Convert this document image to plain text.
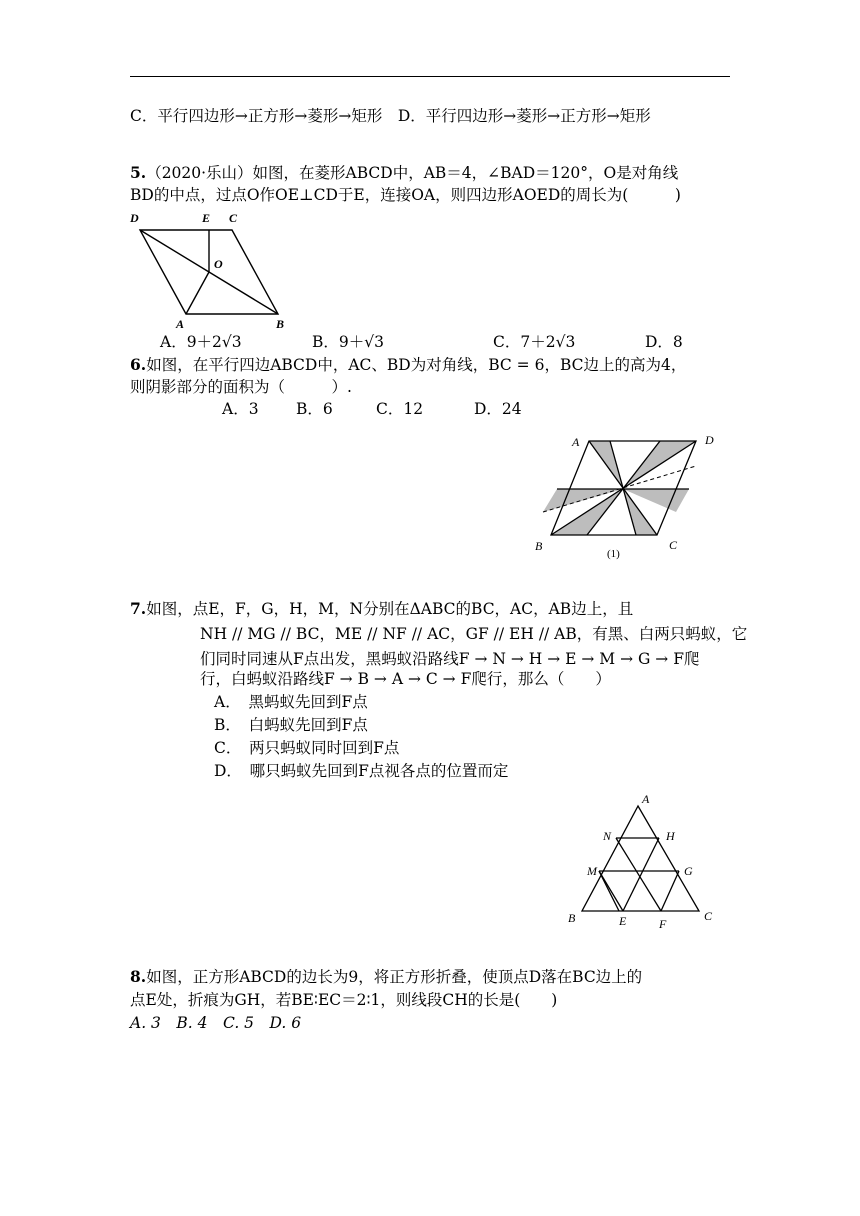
C．平行四边形→正方形→菱形→矩形　D．平行四边形→菱形→正方形→矩形
5.（2020·乐山）如图，在菱形ABCD中，AB＝4，∠BAD＝120°，O是对角线
BD的中点，过点O作OE⊥CD于E，连接OA，则四边形AOED的周长为(　　　)
D	E C
O
A	B
A．9＋2√3	B．9＋√3	C．7＋2√3	D．8
6.如图，在平行四边ABCD中，AC、BD为对角线，BC = 6，BC边上的高为4，
则阴影部分的面积为（　　　）.
A．3 B．6	C．12	D．24
A	D
B	C
(1)
7.如图，点E，F，G，H，M，N分别在ΔABC的BC，AC，AB边上，且
NH // MG // BC，ME // NF // AC，GF // EH // AB，有黑、白两只蚂蚁，它
们同时同速从F点出发，黑蚂蚁沿路线F → N → H → E → M → G → F爬
行，白蚂蚁沿路线F → B → A → C → F爬行，那么（　　）
A．　黑蚂蚁先回到F点
B．　白蚂蚁先回到F点
C．　两只蚂蚁同时回到F点
D．　哪只蚂蚁先回到F点视各点的位置而定
A
N	H
M	G
B	E	F
C
8.如图，正方形ABCD的边长为9，将正方形折叠，使顶点D落在BC边上的
点E处，折痕为GH，若BE∶EC＝2∶1，则线段CH的长是(　　)
A. 3　B. 4　C. 5　D. 6
